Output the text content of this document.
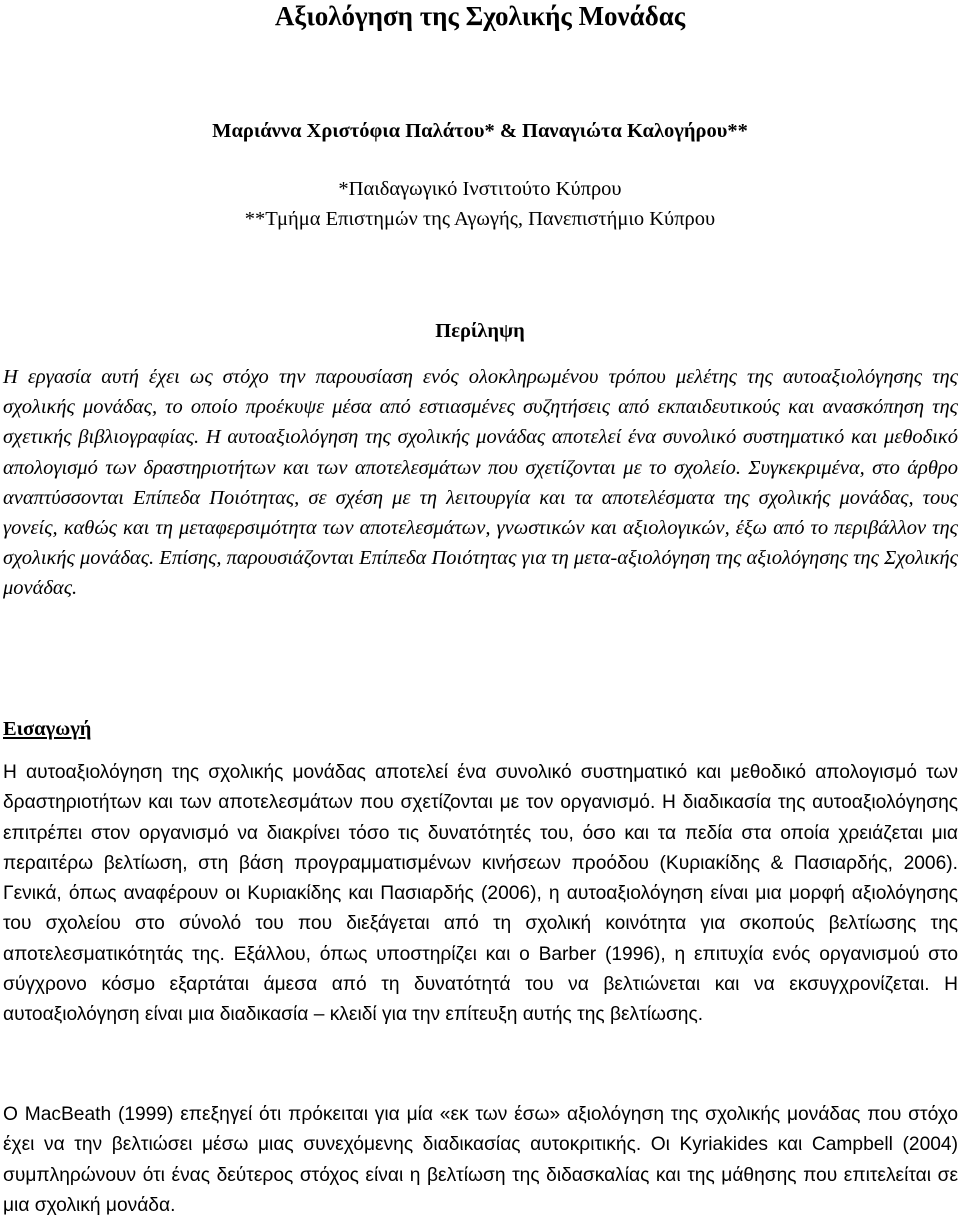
Αξιολόγηση της Σχολικής Μονάδας
Μαριάννα Χριστόφια Παλάτου* & Παναγιώτα Καλογήρου**
*Παιδαγωγικό Ινστιτούτο Κύπρου
**Τμήμα Επιστημών της Αγωγής, Πανεπιστήμιο Κύπρου
Περίληψη

Η εργασία αυτή έχει ως στόχο την παρουσίαση ενός ολοκληρωμένου τρόπου μελέτης της αυτοαξιολόγησης της σχολικής μονάδας, το οποίο προέκυψε μέσα από εστιασμένες συζητήσεις από εκπαιδευτικούς και ανασκόπηση της σχετικής βιβλιογραφίας. Η αυτοαξιολόγηση της σχολικής μονάδας αποτελεί ένα συνολικό συστηματικό και μεθοδικό απολογισμό των δραστηριοτήτων και των αποτελεσμάτων που σχετίζονται με το σχολείο. Συγκεκριμένα, στο άρθρο αναπτύσσονται Επίπεδα Ποιότητας, σε σχέση με τη λειτουργία και τα αποτελέσματα της σχολικής μονάδας, τους γονείς, καθώς και τη μεταφερσιμότητα των αποτελεσμάτων, γνωστικών και αξιολογικών, έξω από το περιβάλλον της σχολικής μονάδας. Επίσης, παρουσιάζονται Επίπεδα Ποιότητας για τη μετα-αξιολόγηση της αξιολόγησης της Σχολικής μονάδας.

Εισαγωγή

Η αυτοαξιολόγηση της σχολικής μονάδας αποτελεί ένα συνολικό συστηματικό και μεθοδικό απολογισμό των δραστηριοτήτων και των αποτελεσμάτων που σχετίζονται με τον οργανισμό. Η διαδικασία της αυτοαξιολόγησης επιτρέπει στον οργανισμό να διακρίνει τόσο τις δυνατότητές του, όσο και τα πεδία στα οποία χρειάζεται μια περαιτέρω βελτίωση, στη βάση προγραμματισμένων κινήσεων προόδου (Κυριακίδης & Πασιαρδής, 2006). Γενικά, όπως αναφέρουν οι Κυριακίδης και Πασιαρδής (2006), η αυτοαξιολόγηση είναι μια μορφή αξιολόγησης του σχολείου στο σύνολό του που διεξάγεται από τη σχολική κοινότητα για σκοπούς βελτίωσης της αποτελεσματικότητάς της. Εξάλλου, όπως υποστηρίζει και ο Barber (1996), η επιτυχία ενός οργανισμού στο σύγχρονο κόσμο εξαρτάται άμεσα από τη δυνατότητά του να βελτιώνεται και να εκσυγχρονίζεται. Η αυτοαξιολόγηση είναι μια διαδικασία – κλειδί για την επίτευξη αυτής της βελτίωσης.

Ο MacBeath (1999) επεξηγεί ότι πρόκειται για μία «εκ των έσω» αξιολόγηση της σχολικής μονάδας που στόχο έχει να την βελτιώσει μέσω μιας συνεχόμενης διαδικασίας αυτοκριτικής. Οι Kyriakides και Campbell (2004) συμπληρώνουν ότι ένας δεύτερος στόχος είναι η βελτίωση της διδασκαλίας και της μάθησης που επιτελείται σε μια σχολική μονάδα.
